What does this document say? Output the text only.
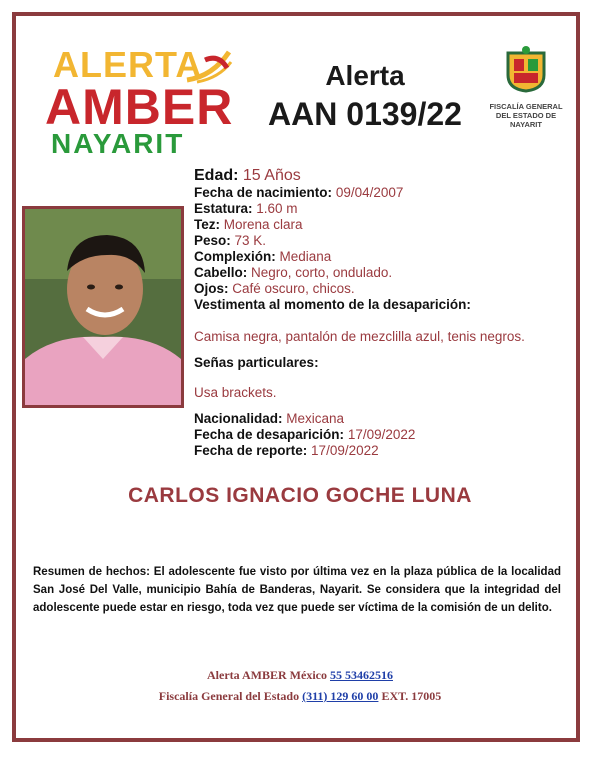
ALERTA
AMBER
NAYARIT
Alerta
AAN 0139/22	FISCALÍA GENERAL
DEL ESTADO DE
NAYARIT
Edad: 15 Años
Fecha de nacimiento: 09/04/2007
Estatura: 1.60 m
Tez: Morena clara
Peso: 73 K.
Complexión: Mediana
Cabello: Negro, corto, ondulado.
Ojos: Café oscuro, chicos.
Vestimenta al momento de la desaparición:
Camisa negra, pantalón de mezclilla azul, tenis negros.
Señas particulares:
Usa brackets.
Nacionalidad: Mexicana
Fecha de desaparición: 17/09/2022
Fecha de reporte: 17/09/2022
CARLOS IGNACIO GOCHE LUNA
Resumen de hechos: El adolescente fue visto por última vez en la plaza pública de la localidad San José Del Valle, municipio Bahía de Banderas, Nayarit. Se considera que la integridad del adolescente puede estar en riesgo, toda vez que puede ser víctima de la comisión de un delito.
Alerta AMBER México 55 53462516
Fiscalía General del Estado (311) 129 60 00 EXT. 17005
